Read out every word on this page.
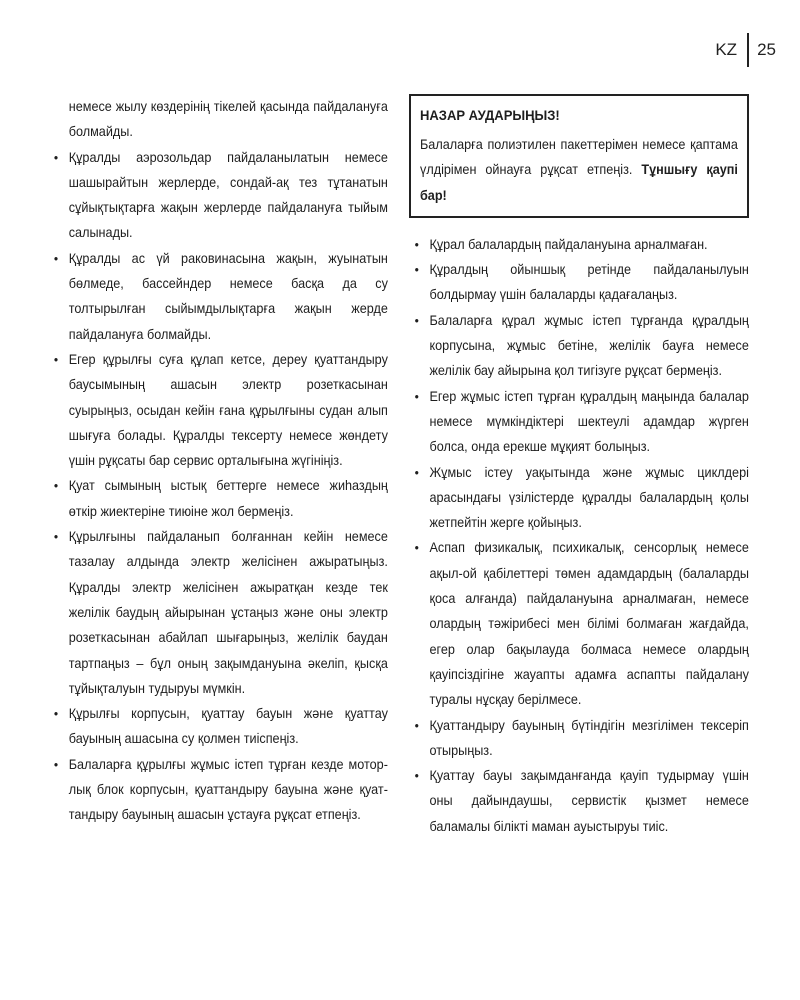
KZ	25

немесе жылу көздерінің тікелей қасында пайдалануға болмайды.

• Құралды аэрозольдар пайдаланылатын немесе шашырайтын жерлерде, сондай-ақ тез тұтанатын сұйықтықтарға жақын жерлерде пайдалануға тыйым салынады.
• Құралды ас үй раковинасына жақын, жуынатын бөлмеде, бассейндер немесе басқа да су толтырылған сыйымдылықтарға жақын жерде пайдалануға болмайды.
• Егер құрылғы суға құлап кетсе, дереу қуаттандыру баусымының ашасын электр розеткасынан суырыңыз, осыдан кейін ғана құрылғыны судан алып шығуға болады. Құралды тексерту немесе жөндету үшін рұқсаты бар сервис орталығына жүгініңіз.
• Қуат сымының ыстық беттерге немесе жиһаздың өткір жиектеріне тиюіне жол бермеңіз.
• Құрылғыны пайдаланып болғаннан кейін немесе тазалау алдында электр желісінен ажыратыңыз. Құралды электр желісінен ажыратқан кезде тек желілік баудың айырынан ұстаңыз және оны электр розеткасынан абайлап шығарыңыз, желілік баудан тартпаңыз – бұл оның зақымдануына әкеліп, қысқа тұйықталуын тудыруы мүмкін.
• Құрылғы корпусын, қуаттау бауын және қуаттау бауының ашасына су қолмен тиіспеңіз.
• Балаларға құрылғы жұмыс істеп тұрған кезде мотор-лық блок корпусын, қуаттандыру бауына және қуат-тандыру бауының ашасын ұстауға рұқсат етпеңіз.
НАЗАР АУДАРЫҢЫЗ!
Балаларға полиэтилен пакеттерімен немесе қаптама үлдірімен ойнауға рұқсат етпеңіз. Тұншығу қаупі бар!
• Құрал балалардың пайдалануына арналмаған.
• Құралдың ойыншық ретінде пайдаланылуын болдырмау үшін балаларды қадағалаңыз.
• Балаларға құрал жұмыс істеп тұрғанда құралдың корпусына, жұмыс бетіне, желілік бауға немесе желілік бау айырына қол тигізуге рұқсат бермеңіз.
• Егер жұмыс істеп тұрған құралдың маңында балалар немесе мүмкіндіктері шектеулі адамдар жүрген болса, онда ерекше мұқият болыңыз.
• Жұмыс істеу уақытында және жұмыс циклдері арасындағы үзілістерде құралды балалардың қолы жетпейтін жерге қойыңыз.
• Аспап физикалық, психикалық, сенсорлық немесе ақыл-ой қабілеттері төмен адамдардың (балаларды қоса алғанда) пайдалануына арналмаған, немесе олардың тәжірибесі мен білімі болмаған жағдайда, егер олар бақылауда болмаса немесе олардың қауіпсіздігіне жауапты адамға аспапты пайдалану туралы нұсқау берілмесе.
• Қуаттандыру бауының бүтіндігін мезгілімен тексеріп отырыңыз.
• Қуаттау бауы зақымданғанда қауіп тудырмау үшін оны дайындаушы, сервистік қызмет немесе баламалы білікті маман ауыстыруы тиіс.
